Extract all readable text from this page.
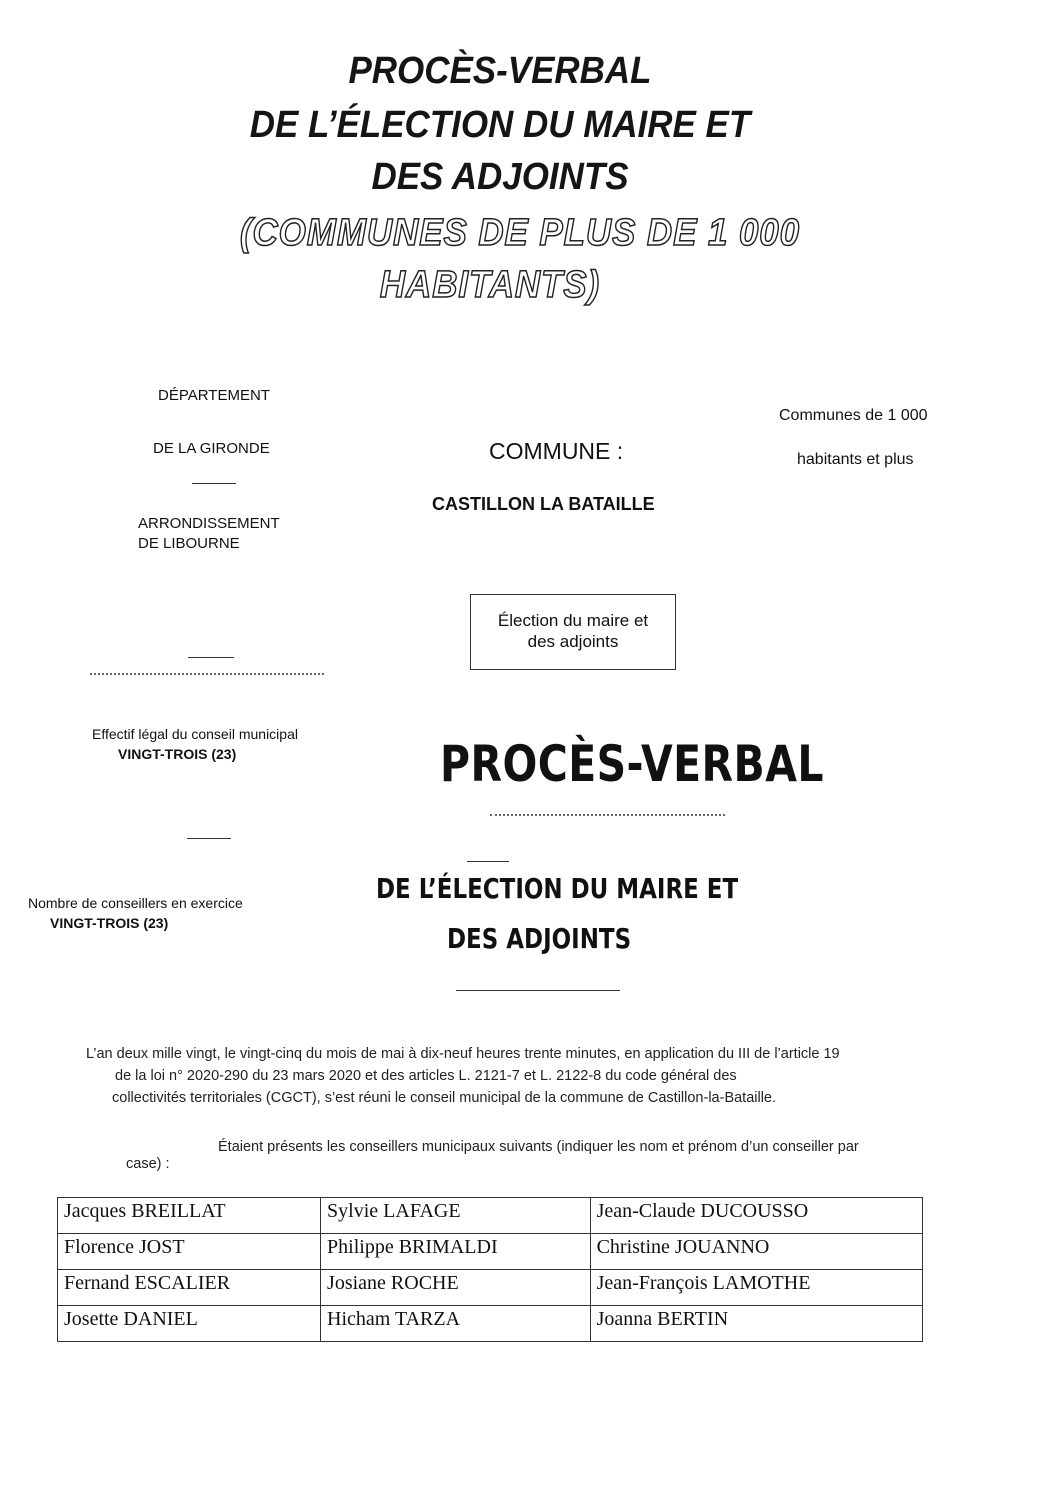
PROCÈS-VERBAL
DE L’ÉLECTION DU MAIRE ET
DES ADJOINTS
(COMMUNES DE PLUS DE 1 000
HABITANTS)
DÉPARTEMENT
DE LA GIRONDE
ARRONDISSEMENT
DE LIBOURNE
Effectif légal du conseil municipal
VINGT-TROIS (23)
Nombre de conseillers en exercice
VINGT-TROIS (23)
COMMUNE :
CASTILLON LA BATAILLE
Élection du maire et
des adjoints
PROCÈS-VERBAL
DE L’ÉLECTION DU MAIRE ET
DES ADJOINTS
Communes de 1 000
habitants et plus
L’an deux mille vingt, le vingt-cinq du mois de mai à dix-neuf heures trente minutes, en application du III de l’article 19
de la loi n° 2020-290 du 23 mars 2020 et des articles L. 2121-7 et L. 2122-8 du code général des
collectivités territoriales (CGCT), s’est réuni le conseil municipal de la commune de Castillon-la-Bataille.
Étaient présents les conseillers municipaux suivants (indiquer les nom et prénom d’un conseiller par
case) :
Jacques BREILLAT	Sylvie LAFAGE	Jean-Claude DUCOUSSO
Florence JOST	Philippe BRIMALDI	Christine JOUANNO
Fernand ESCALIER	Josiane ROCHE	Jean-François LAMOTHE
Josette DANIEL	Hicham TARZA	Joanna BERTIN
